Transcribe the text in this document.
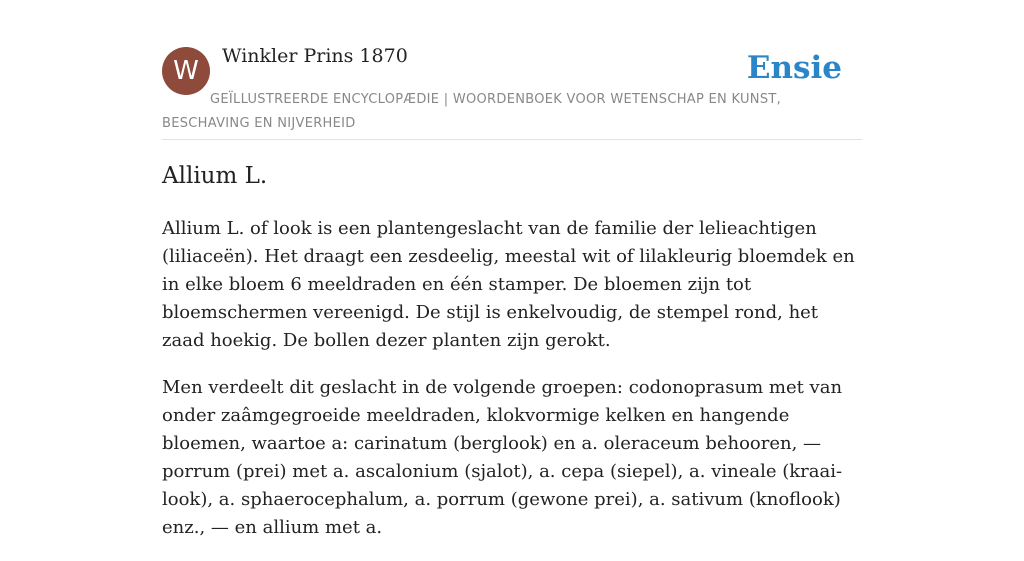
W	Winkler Prins 1870	Ensie
GEÏLLUSTREERDE ENCYCLOPÆDIE | WOORDENBOEK VOOR WETENSCHAP EN KUNST, BESCHAVING EN NIJVERHEID
Allium L.

Allium L. of look is een plantengeslacht van de familie der lelieachtigen (liliaceën). Het draagt een zesdeelig, meestal wit of lilakleurig bloemdek en in elke bloem 6 meeldraden en één stamper. De bloemen zijn tot bloemschermen vereenigd. De stijl is enkelvoudig, de stempel rond, het zaad hoekig. De bollen dezer planten zijn gerokt.

Men verdeelt dit geslacht in de volgende groepen: codonoprasum met van onder zaâmgegroeide meeldraden, klokvormige kelken en hangende bloemen, waartoe a: carinatum (berglook) en a. oleraceum behooren, — porrum (prei) met a. ascalonium (sjalot), a. cepa (siepel), a. vineale (kraai-look), a. sphaerocephalum, a. porrum (gewone prei), a. sativum (knoflook) enz., — en allium met a.
